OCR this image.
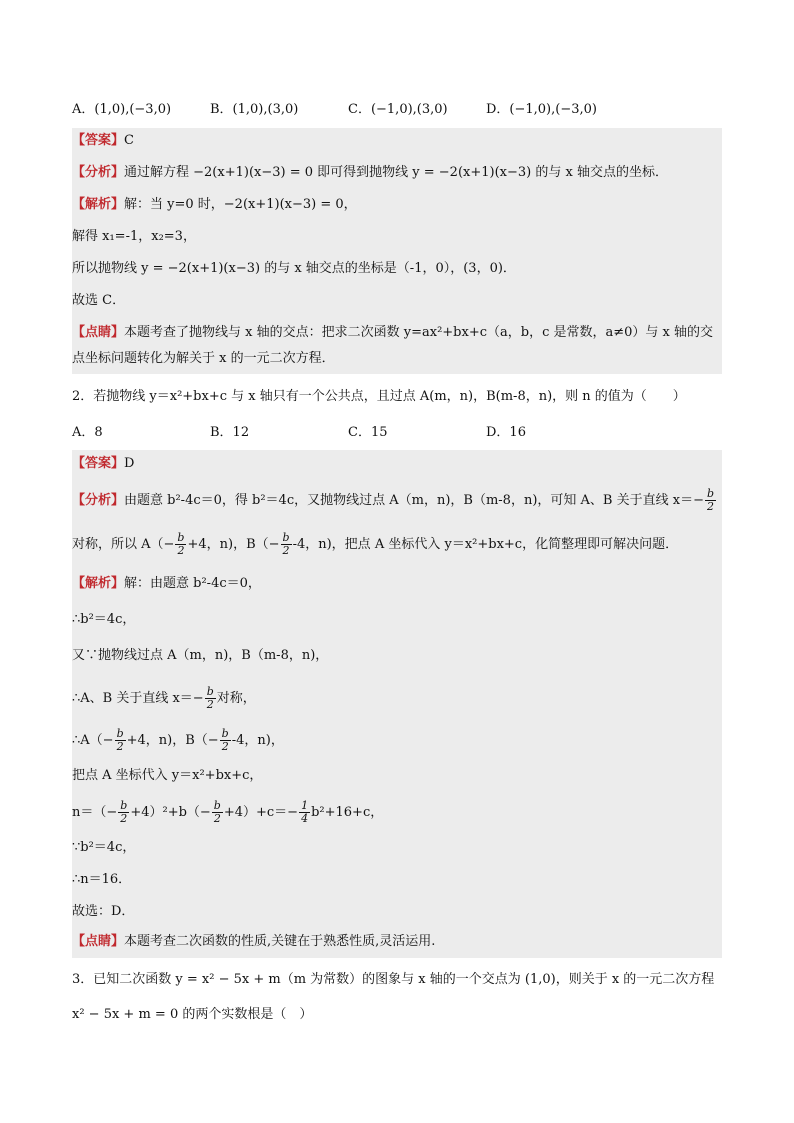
A．(1,0),(−3,0)	B．(1,0),(3,0)	C．(−1,0),(3,0)	D．(−1,0),(−3,0)
【答案】C
【分析】通过解方程 −2(x+1)(x−3) = 0 即可得到抛物线 y = −2(x+1)(x−3) 的与 x 轴交点的坐标．
【解析】解：当 y=0 时，−2(x+1)(x−3) = 0，
解得 x₁=-1，x₂=3，
所以抛物线 y = −2(x+1)(x−3) 的与 x 轴交点的坐标是（-1，0），(3，0)．
故选 C．
【点睛】本题考查了抛物线与 x 轴的交点：把求二次函数 y=ax²+bx+c（a，b，c 是常数，a≠0）与 x 轴的交
点坐标问题转化为解关于 x 的一元二次方程．
2．若抛物线 y＝x²+bx+c 与 x 轴只有一个公共点，且过点 A(m，n)，B(m-8，n)，则 n 的值为（　　）
A．8	B．12	C．15	D．16
【答案】D
【分析】由题意 b²-4c＝0，得 b²＝4c，又抛物线过点 A（m，n)，B（m-8，n)，可知 A、B 关于直线 $x=- \frac{b}{2}$
对称，所以 $A(- \frac{b}{2} +4$，n)，$B(- \frac{b}{2} -4$，n)，把点 A 坐标代入 y＝x²+bx+c，化简整理即可解决问题．
【解析】解：由题意 b²-4c＝0，
∴b²＝4c，
又∵抛物线过点 A（m，n)，B（m-8，n)，
∴A、B 关于直线 $x=- \frac{b}{2}$ 对称，
∴A（− $\frac{b}{2} +4$，n)，$B(- \frac{b}{2} -4$，n)，
把点 A 坐标代入 y＝x²+bx+c，
$n=(- \frac{b}{2} +4)^2+b(- \frac{b}{2} +4)+c=- \frac{1}{4} b^2+16+c$，
∵b²＝4c，
∴n＝16．
故选：D．
【点睛】本题考查二次函数的性质,关键在于熟悉性质,灵活运用.
3．已知二次函数 y = x² − 5x + m（m 为常数）的图象与 x 轴的一个交点为 (1,0)，则关于 x 的一元二次方程
x² − 5x + m = 0 的两个实数根是（　）
